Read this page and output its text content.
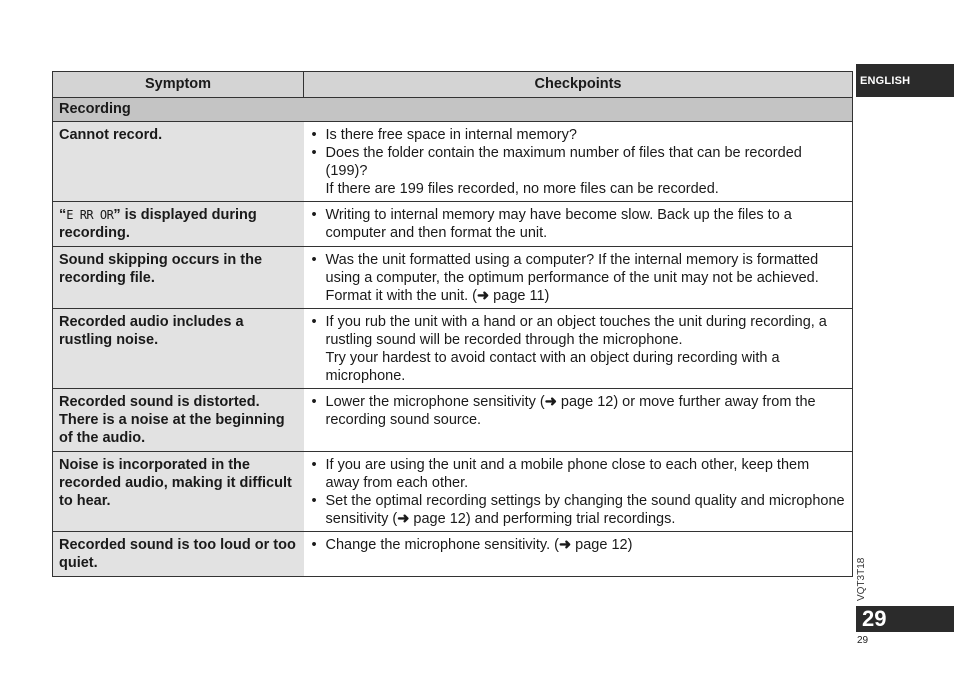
ENGLISH
Symptom	Checkpoints
Recording	
Cannot record.	• Is there free space in internal memory?
• Does the folder contain the maximum number of files that can be recorded (199)?
If there are 199 files recorded, no more files can be recorded.

“E RR OR” is displayed during recording.	• Writing to internal memory may have become slow. Back up the files to a computer and then format the unit.

Sound skipping occurs in the recording file.	• Was the unit formatted using a computer? If the internal memory is formatted using a computer, the optimum performance of the unit may not be achieved. Format it with the unit. (➜ page 11)

Recorded audio includes a rustling noise.	• If you rub the unit with a hand or an object touches the unit during recording, a rustling sound will be recorded through the microphone.
Try your hardest to avoid contact with an object during recording with a microphone.

Recorded sound is distorted. There is a noise at the beginning of the audio.	• Lower the microphone sensitivity (➜ page 12) or move further away from the recording sound source.

Noise is incorporated in the recorded audio, making it difficult to hear.	• If you are using the unit and a mobile phone close to each other, keep them away from each other.
• Set the optimal recording settings by changing the sound quality and microphone sensitivity (➜ page 12) and performing trial recordings.

Recorded sound is too loud or too quiet.	• Change the microphone sensitivity. (➜ page 12)
VQT3T18
29
29
